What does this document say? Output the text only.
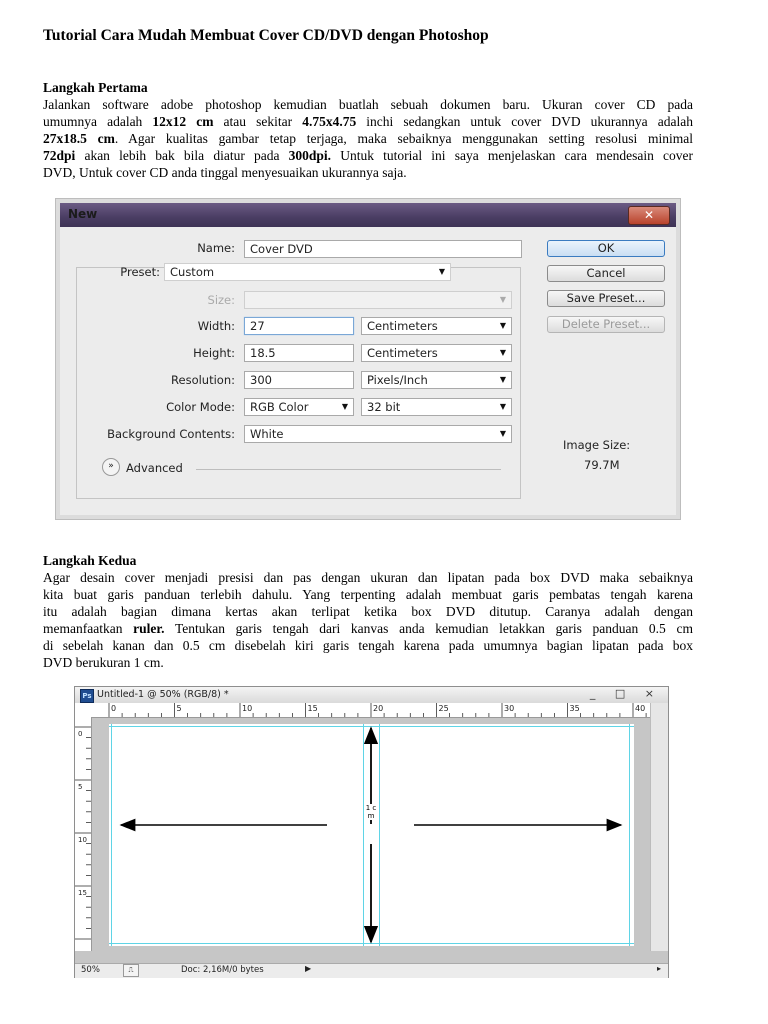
Tutorial Cara Mudah Membuat Cover CD/DVD dengan Photoshop
Langkah Pertama
Jalankan software adobe photoshop kemudian buatlah sebuah dokumen baru. Ukuran cover CD pada
umumnya adalah 12x12 cm atau sekitar 4.75x4.75 inchi sedangkan untuk cover DVD ukurannya adalah
27x18.5 cm. Agar kualitas gambar tetap terjaga, maka sebaiknya menggunakan setting resolusi minimal
72dpi akan lebih bak bila diatur pada 300dpi. Untuk tutorial ini saya menjelaskan cara mendesain cover
DVD, Untuk cover CD anda tinggal menyesuaikan ukurannya saja.
New	✕
Name:	Cover DVD
Preset: Custom	▼
Size:	▼
Width:	27	Centimeters	▼
Height:	18.5	Centimeters	▼
Resolution:	300	Pixels/Inch	▼
Color Mode:	RGB Color	▼	32 bit	▼
Background Contents:	White	▼
»	Advanced
OK
Cancel
Save Preset...
Delete Preset...
Image Size:
79.7M
Langkah Kedua
Agar desain cover menjadi presisi dan pas dengan ukuran dan lipatan pada box DVD maka sebaiknya
kita buat garis panduan terlebih dahulu. Yang terpenting adalah membuat garis pembatas tengah karena
itu adalah bagian dimana kertas akan terlipat ketika box DVD ditutup. Caranya adalah dengan
memanfaatkan ruler. Tentukan garis tengah dari kanvas anda kemudian letakkan garis panduan 0.5 cm
di sebelah kanan dan 0.5 cm disebelah kiri garis tengah karena pada umumnya bagian lipatan pada box
DVD berukuran 1 cm.
Ps Untitled-1 @ 50% (RGB/8) *	_ □ ×
0	5	10	15	20	25	30	35	40
0
5
10
15
1 cm
50%	⎍	Doc: 2,16M/0 bytes	▶	▸
